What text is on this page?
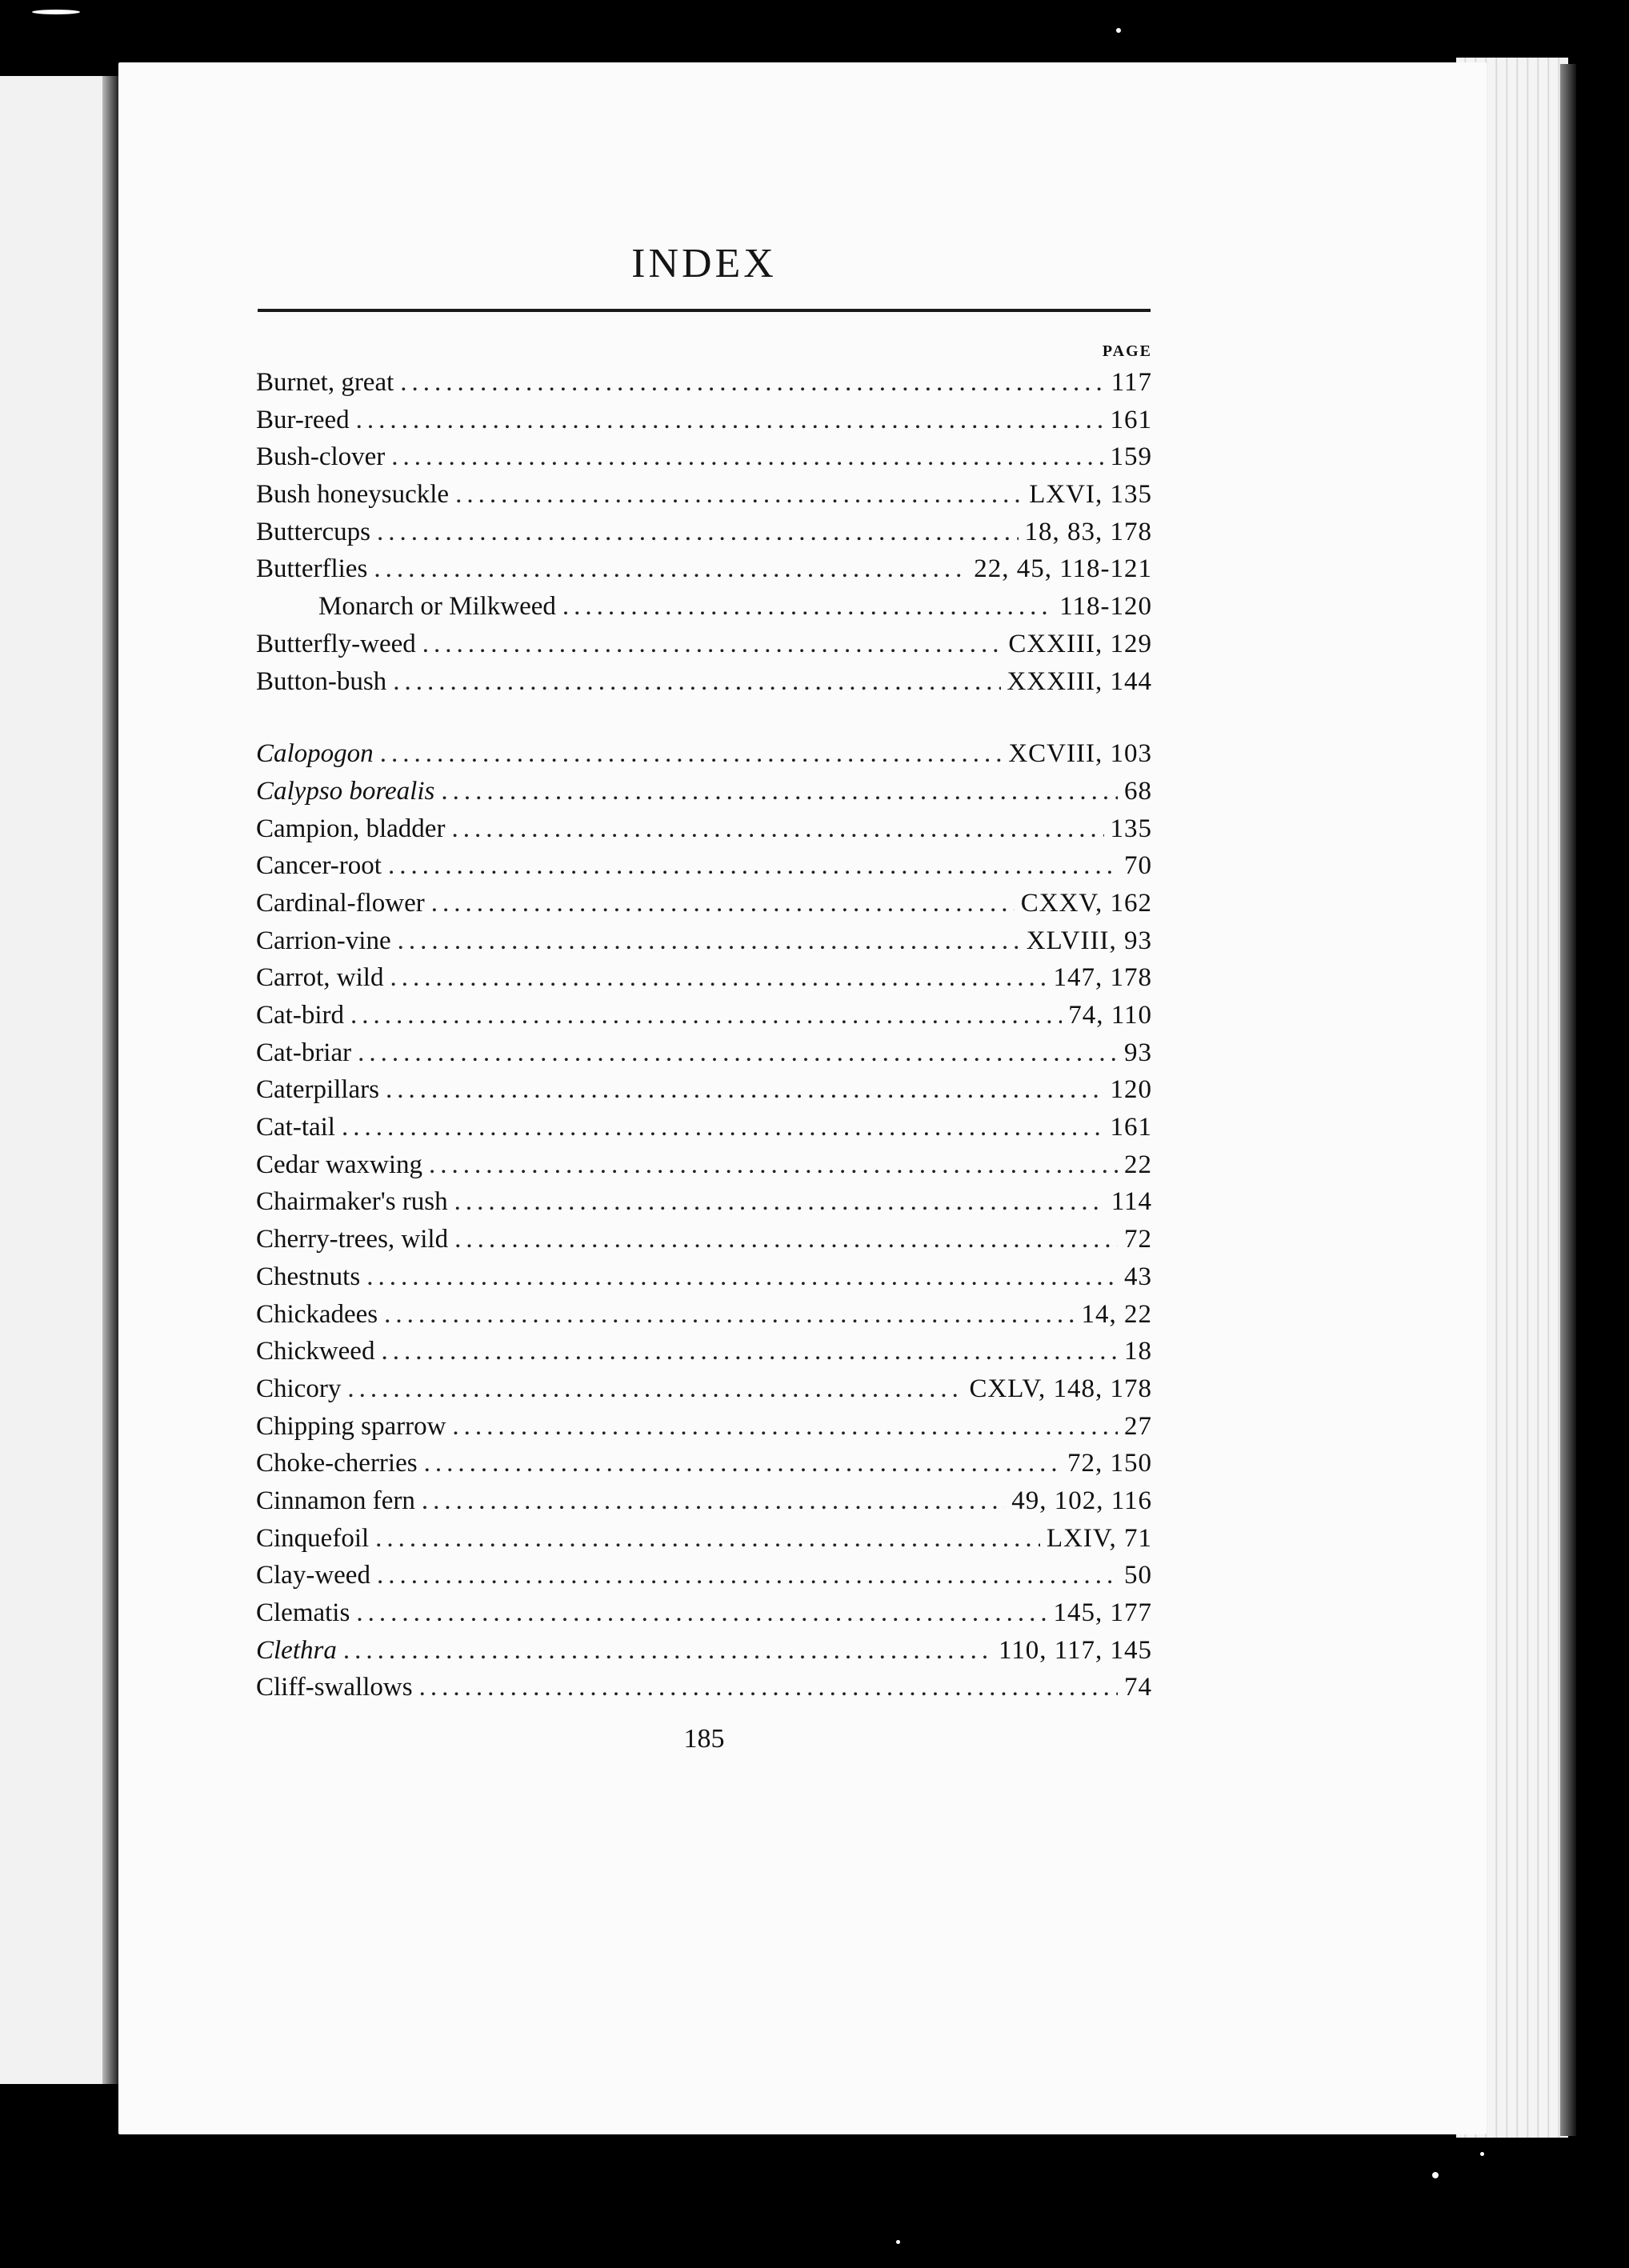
INDEX
PAGE
Burnet, great .....	117
Bur-reed .....	161
Bush-clover .....	159
Bush honeysuckle .....	LXVI, 135
Buttercups .....	18, 83, 178
Butterflies .....	22, 45, 118-121
Monarch or Milkweed .....	118-120
Butterfly-weed .....	CXXIII, 129
Button-bush .....	XXXIII, 144
Calopogon .....	XCVIII, 103
Calypso borealis .....	68
Campion, bladder .....	135
Cancer-root .....	70
Cardinal-flower .....	CXXV, 162
Carrion-vine .....	XLVIII, 93
Carrot, wild .....	147, 178
Cat-bird .....	74, 110
Cat-briar .....	93
Caterpillars .....	120
Cat-tail .....	161
Cedar waxwing .....	22
Chairmaker's rush .....	114
Cherry-trees, wild .....	72
Chestnuts .....	43
Chickadees .....	14, 22
Chickweed .....	18
Chicory .....	CXLV, 148, 178
Chipping sparrow .....	27
Choke-cherries .....	72, 150
Cinnamon fern .....	49, 102, 116
Cinquefoil .....	LXIV, 71
Clay-weed .....	50
Clematis .....	145, 177
Clethra .....	110, 117, 145
Cliff-swallows .....	74
185
